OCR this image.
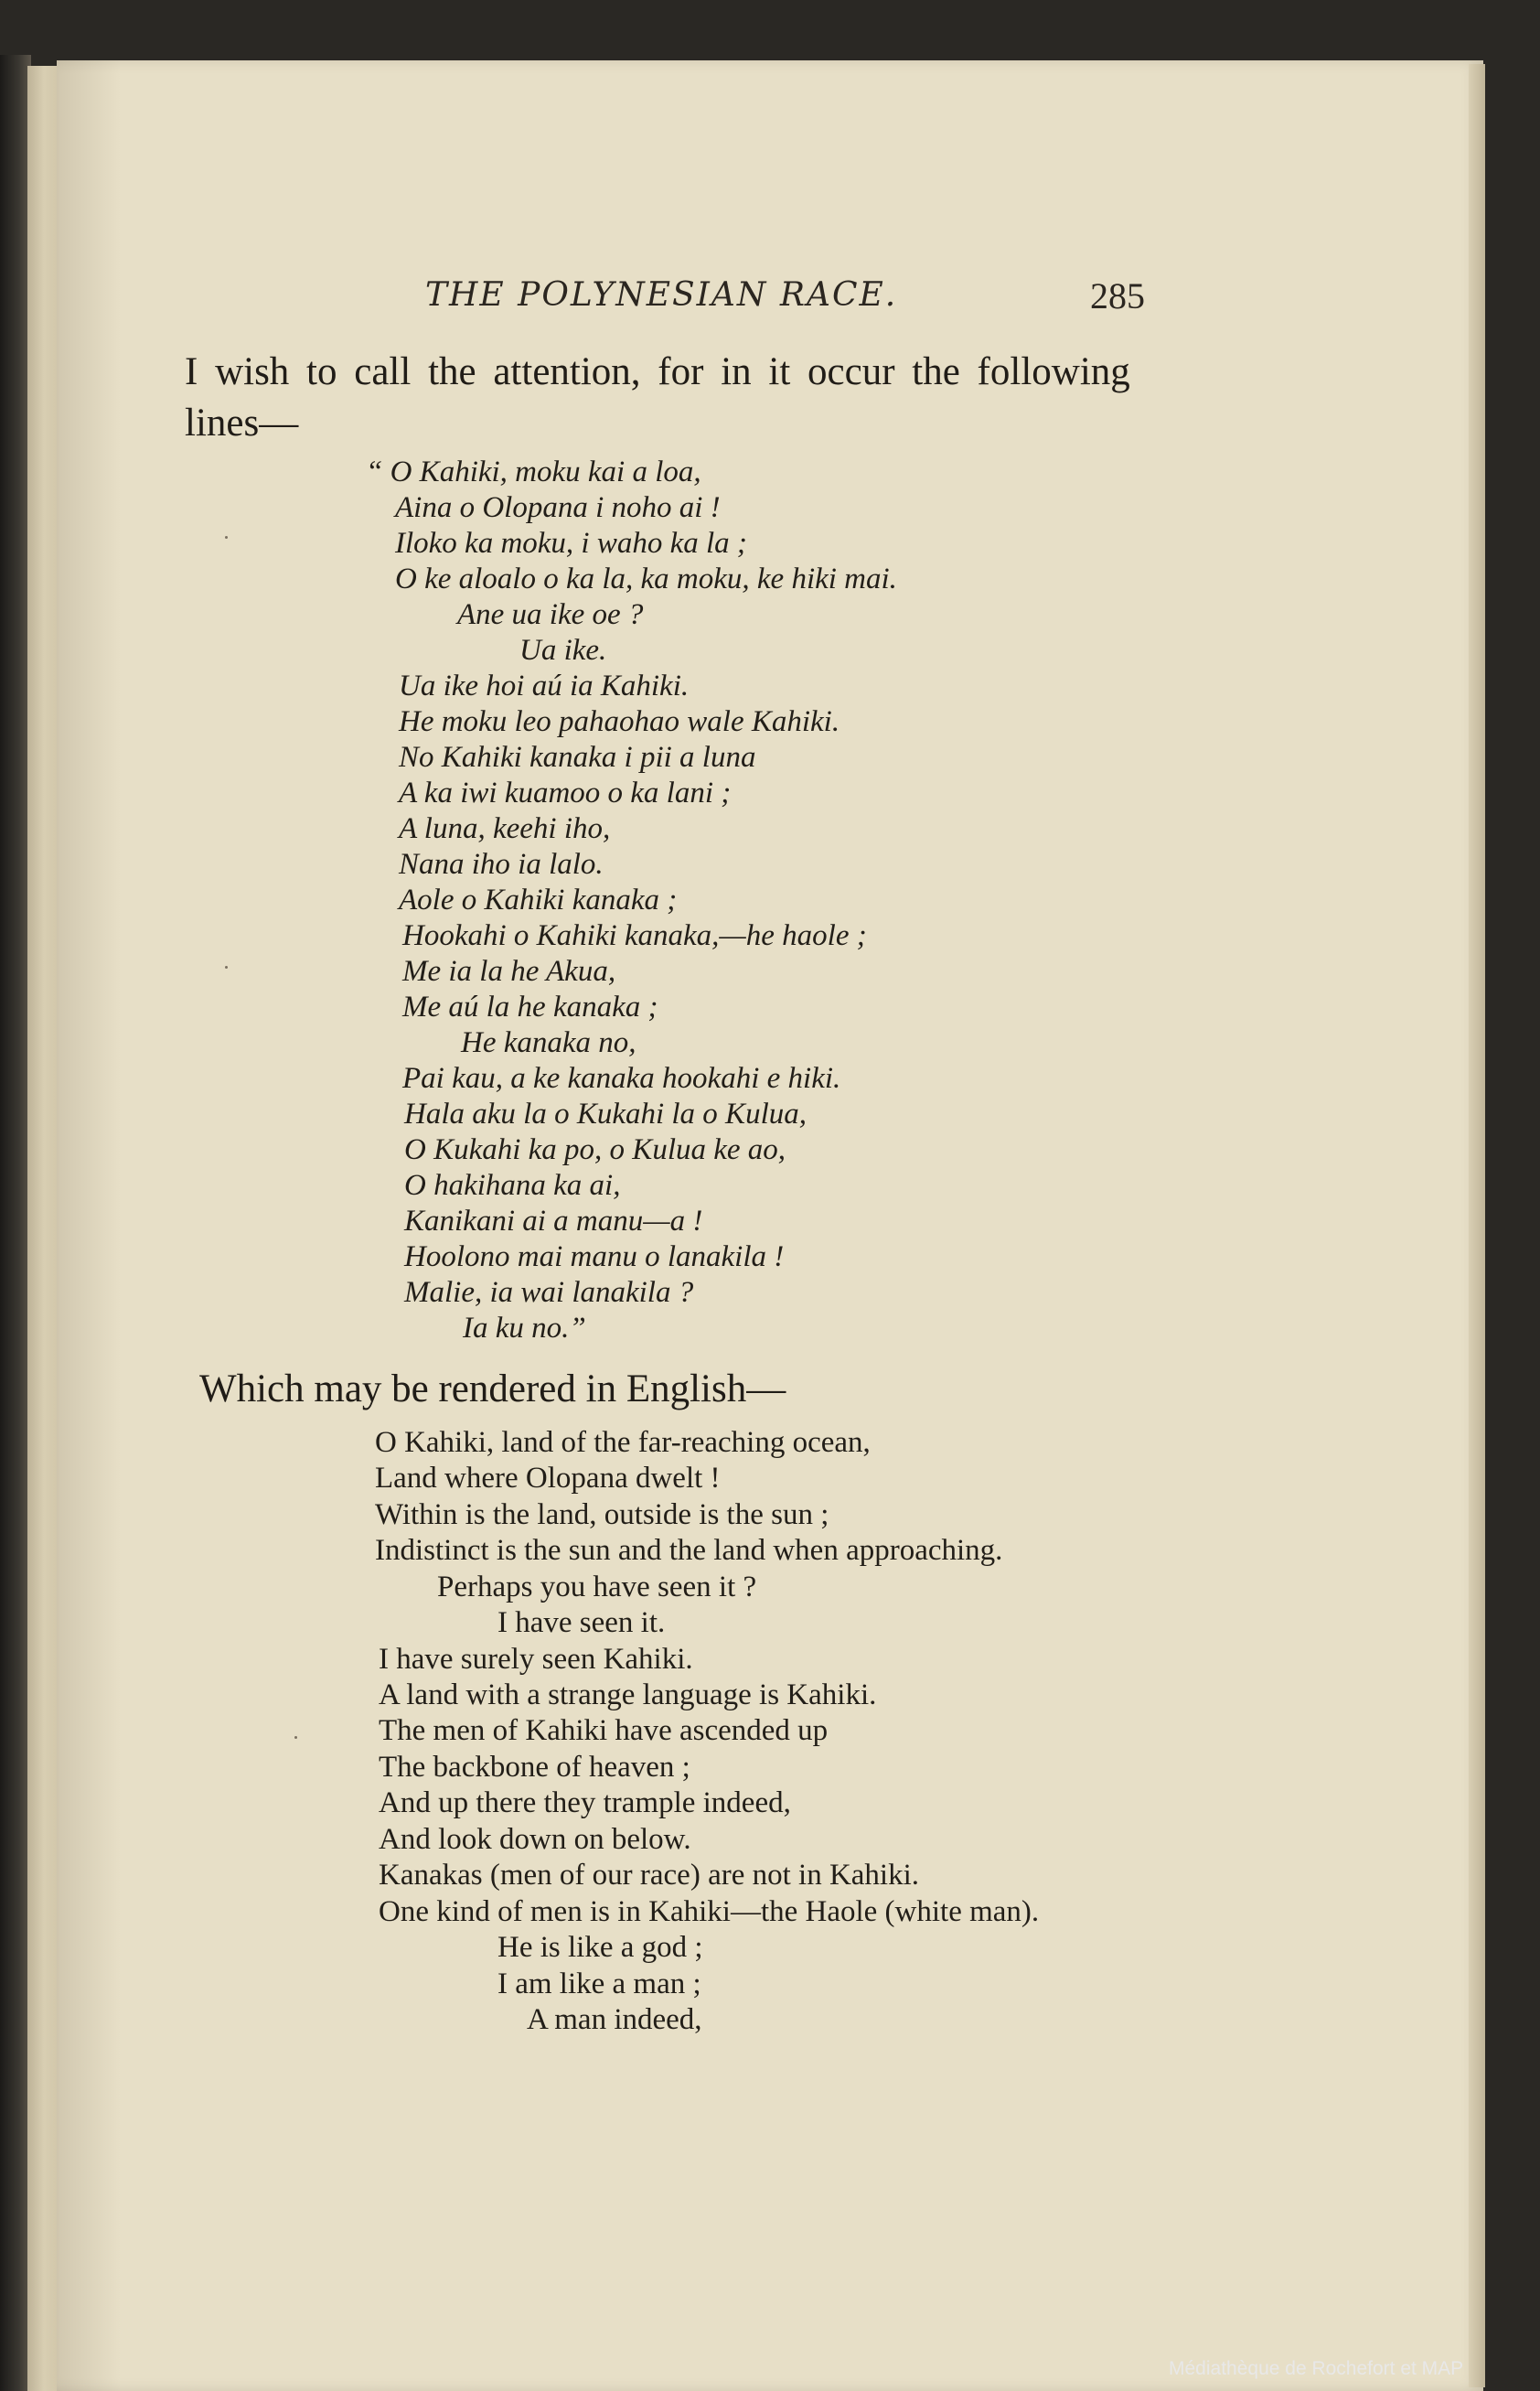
THE POLYNESIAN RACE.	285
I wish to call the attention, for in it occur the following
lines—
“ O Kahiki, moku kai a loa,
Aina o Olopana i noho ai !
Iloko ka moku, i waho ka la ;
O ke aloalo o ka la, ka moku, ke hiki mai.
Ane ua ike oe ?
Ua ike.
Ua ike hoi aú ia Kahiki.
He moku leo pahaohao wale Kahiki.
No Kahiki kanaka i pii a luna
A ka iwi kuamoo o ka lani ;
A luna, keehi iho,
Nana iho ia lalo.
Aole o Kahiki kanaka ;
Hookahi o Kahiki kanaka,—he haole ;
Me ia la he Akua,
Me aú la he kanaka ;
He kanaka no,
Pai kau, a ke kanaka hookahi e hiki.
Hala aku la o Kukahi la o Kulua,
O Kukahi ka po, o Kulua ke ao,
O hakihana ka ai,
Kanikani ai a manu—a !
Hoolono mai manu o lanakila !
Malie, ia wai lanakila ?
Ia ku no.”
Which may be rendered in English—
O Kahiki, land of the far-reaching ocean,
Land where Olopana dwelt !
Within is the land, outside is the sun ;
Indistinct is the sun and the land when approaching.
Perhaps you have seen it ?
I have seen it.
I have surely seen Kahiki.
A land with a strange language is Kahiki.
The men of Kahiki have ascended up
The backbone of heaven ;
And up there they trample indeed,
And look down on below.
Kanakas (men of our race) are not in Kahiki.
One kind of men is in Kahiki—the Haole (white man).
He is like a god ;
I am like a man ;
A man indeed,
Médiathèque de Rochefort et MAP
